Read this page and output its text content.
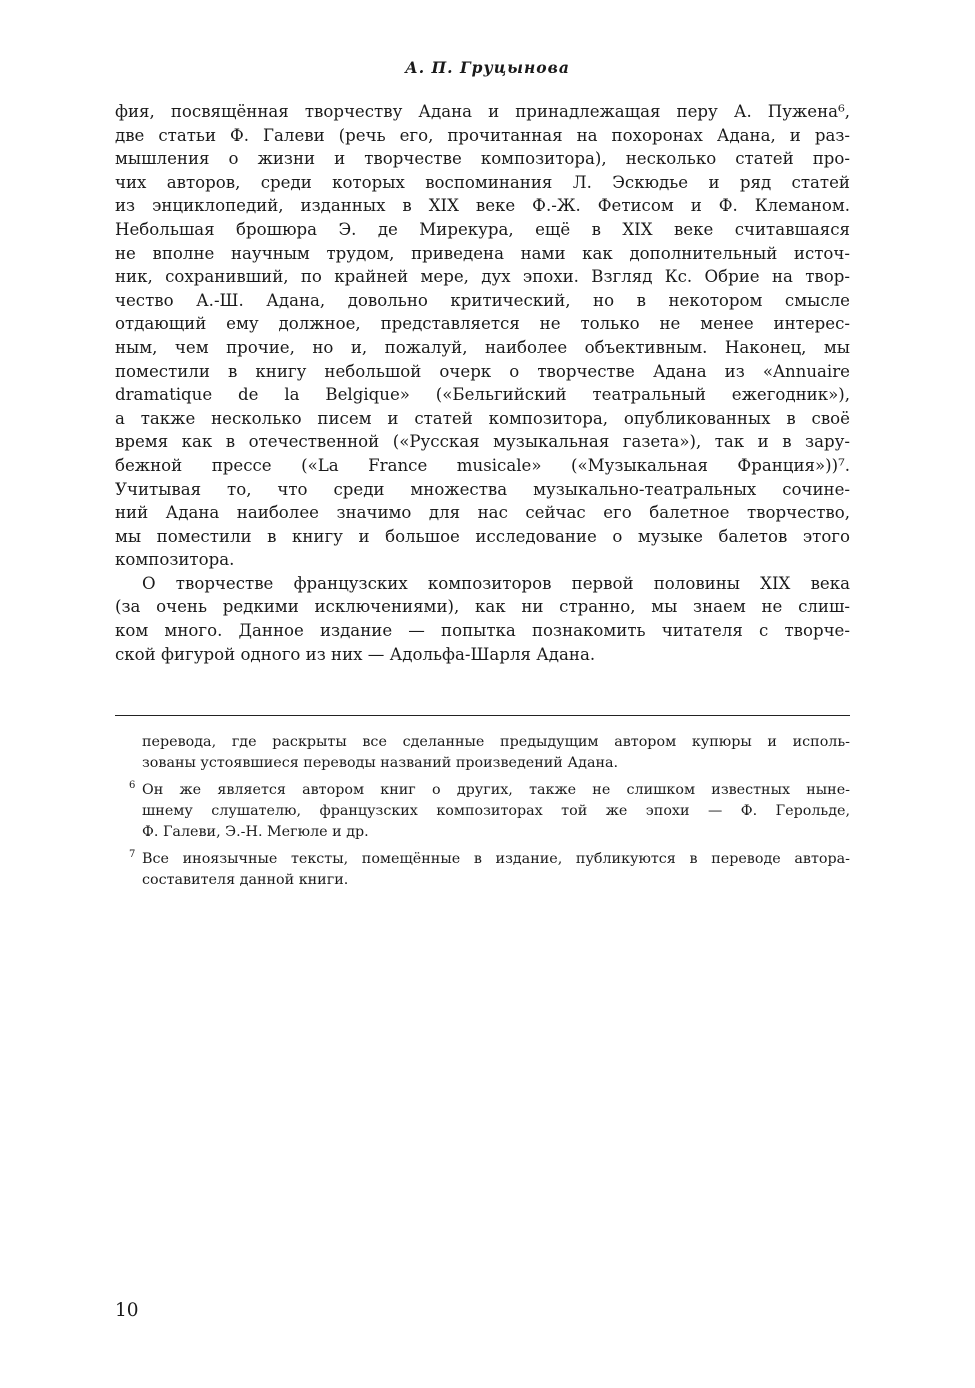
А. П. Груцынова
фия, посвящённая творчеству Адана и принадлежащая перу А. Пужена⁶,
две статьи Ф. Галеви (речь его, прочитанная на похоронах Адана, и раз-
мышления о жизни и творчестве композитора), несколько статей про-
чих авторов, среди которых воспоминания Л. Эскюдье и ряд статей
из энциклопедий, изданных в XIX веке Ф.-Ж. Фетисом и Ф. Клеманом.
Небольшая брошюра Э. де Мирекура, ещё в XIX веке считавшаяся
не вполне научным трудом, приведена нами как дополнительный источ-
ник, сохранивший, по крайней мере, дух эпохи. Взгляд Кс. Обрие на твор-
чество А.-Ш. Адана, довольно критический, но в некотором смысле
отдающий ему должное, представляется не только не менее интерес-
ным, чем прочие, но и, пожалуй, наиболее объективным. Наконец, мы
поместили в книгу небольшой очерк о творчестве Адана из «Annuaire
dramatique de la Belgique» («Бельгийский театральный ежегодник»),
а также несколько писем и статей композитора, опубликованных в своё
время как в отечественной («Русская музыкальная газета»), так и в зару-
бежной прессе («La France musicale» («Музыкальная Франция»))⁷.
Учитывая то, что среди множества музыкально-театральных сочине-
ний Адана наиболее значимо для нас сейчас его балетное творчество,
мы поместили в книгу и большое исследование о музыке балетов этого
композитора.
О творчестве французских композиторов первой половины XIX века
(за очень редкими исключениями), как ни странно, мы знаем не слиш-
ком много. Данное издание — попытка познакомить читателя с творче-
ской фигурой одного из них — Адольфа-Шарля Адана.
перевода, где раскрыты все сделанные предыдущим автором купюры и исполь-
зованы устоявшиеся переводы названий произведений Адана.
6 Он же является автором книг о других, также не слишком известных ныне-
шнему слушателю, французских композиторах той же эпохи — Ф. Герольде,
Ф. Галеви, Э.-Н. Мегюле и др.
7 Все иноязычные тексты, помещённые в издание, публикуются в переводе автора-
составителя данной книги.
10
